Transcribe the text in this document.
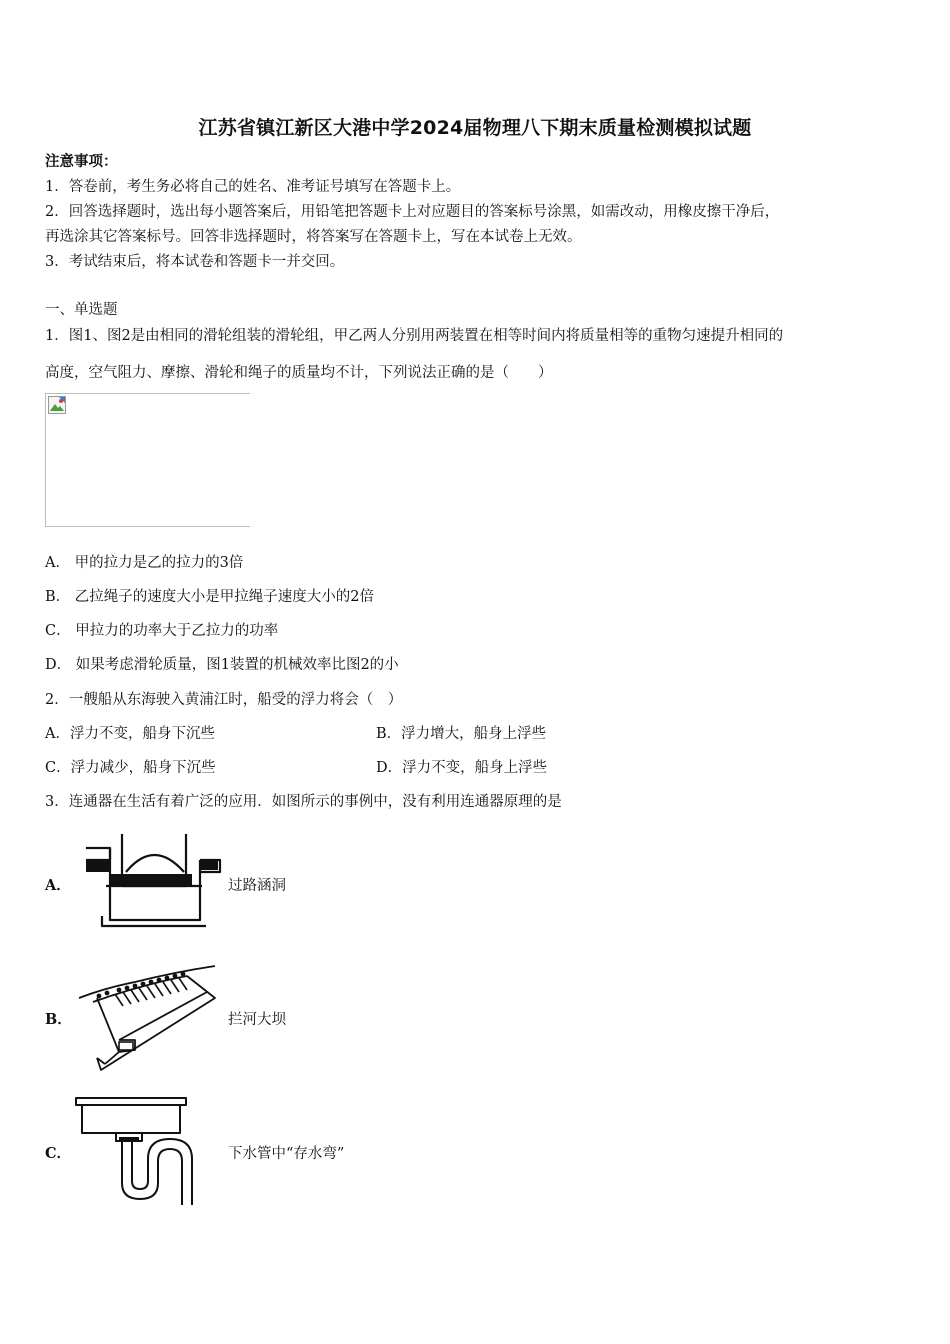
江苏省镇江新区大港中学2024届物理八下期末质量检测模拟试题
注意事项：
1．答卷前，考生务必将自己的姓名、准考证号填写在答题卡上。
2．回答选择题时，选出每小题答案后，用铅笔把答题卡上对应题目的答案标号涂黑，如需改动，用橡皮擦干净后，
再选涂其它答案标号。回答非选择题时，将答案写在答题卡上，写在本试卷上无效。
3．考试结束后，将本试卷和答题卡一并交回。
一、单选题
1．图1、图2是由相同的滑轮组装的滑轮组，甲乙两人分别用两装置在相等时间内将质量相等的重物匀速提升相同的
高度，空气阻力、摩擦、滑轮和绳子的质量均不计，下列说法正确的是（　　）
A． 甲的拉力是乙的拉力的3倍
B． 乙拉绳子的速度大小是甲拉绳子速度大小的2倍
C． 甲拉力的功率大于乙拉力的功率
D． 如果考虑滑轮质量，图1装置的机械效率比图2的小
2．一艘船从东海驶入黄浦江时，船受的浮力将会（　）
A．浮力不变，船身下沉些	B．浮力增大，船身上浮些
C．浮力减少，船身下沉些	D．浮力不变，船身上浮些
3．连通器在生活有着广泛的应用．如图所示的事例中，没有利用连通器原理的是
A．	过路涵洞
B．	拦河大坝
C．	下水管中“存水弯”
